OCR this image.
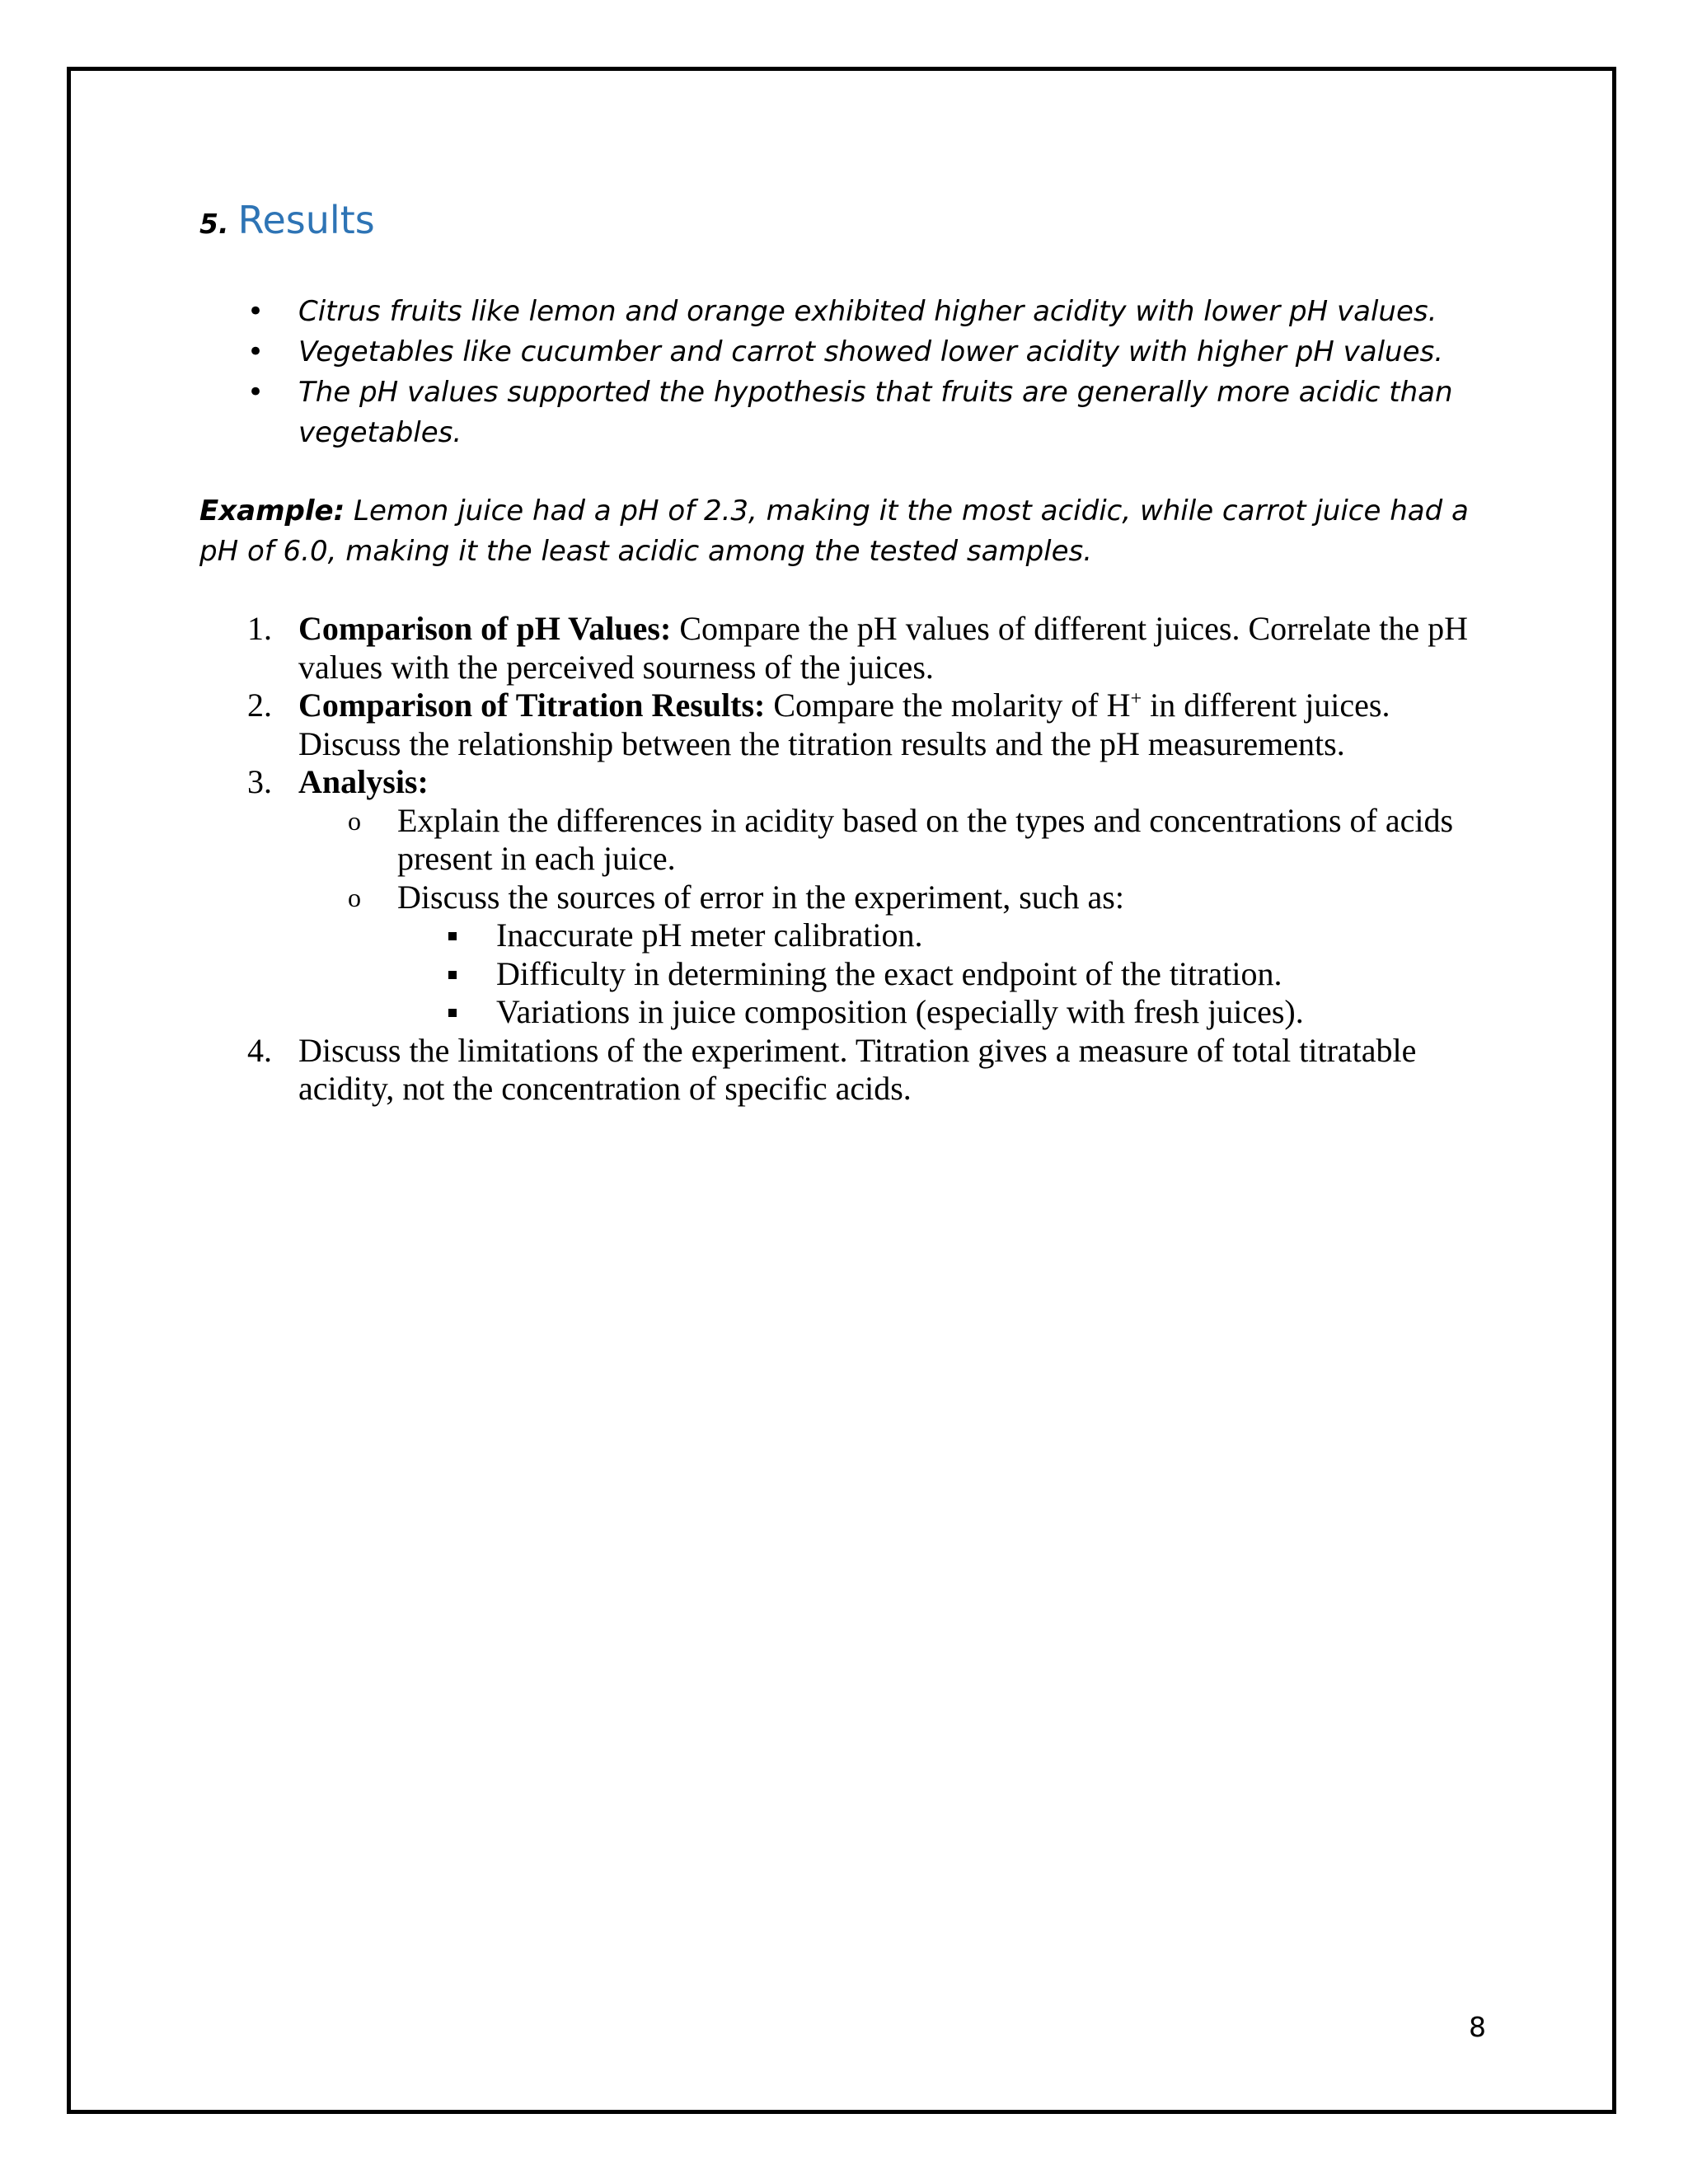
5. Results
• Citrus fruits like lemon and orange exhibited higher acidity with lower pH values.
• Vegetables like cucumber and carrot showed lower acidity with higher pH values.
• The pH values supported the hypothesis that fruits are generally more acidic than vegetables.
Example: Lemon juice had a pH of 2.3, making it the most acidic, while carrot juice had a pH of 6.0, making it the least acidic among the tested samples.
1. Comparison of pH Values: Compare the pH values of different juices. Correlate the pH values with the perceived sourness of the juices.
2. Comparison of Titration Results: Compare the molarity of H+ in different juices. Discuss the relationship between the titration results and the pH measurements.
3. Analysis:
o Explain the differences in acidity based on the types and concentrations of acids present in each juice.
o Discuss the sources of error in the experiment, such as:
Inaccurate pH meter calibration.
Difficulty in determining the exact endpoint of the titration.
Variations in juice composition (especially with fresh juices).
4. Discuss the limitations of the experiment. Titration gives a measure of total titratable acidity, not the concentration of specific acids.
8
